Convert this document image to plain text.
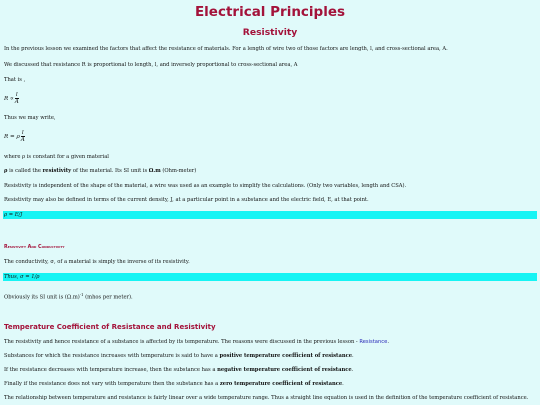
Electrical Principles
Resistivity
In the previous lesson we examined the factors that affect the resistance of materials. For a length of wire two of those factors are length, l, and cross-sectional area, A.
We discussed that resistance R is proportional to length, l, and inversely proportional to cross-sectional area, A
That is ,
$R \propto \frac{l}{A}$
Thus we may write,
R = ρ $\frac{l}{A}$
where ρ is constant for a given material
ρ is called the resistivity of the material. Its SI unit is Ω.m (Ohm-meter)
Resistivity is independent of the shape of the material, a wire was used as an example to simplify the calculations. (Only two variables, length and CSA).
Resistivity may also be defined in terms of the current density, J, at a particular point in a substance and the electric field, E, at that point.
ρ = E/J
Resistivity And Conductivity
The conductivity, σ, of a material is simply the inverse of its resistivity.
Thus, σ = 1/ρ
Obviously its SI unit is $(\Omega.m)^{-1}$ (mhos per meter).
Temperature Coefficient of Resistance and Resistivity
The resistivity and hence resistance of a substance is affected by its temperature. The reasons were discussed in the previous lesson - Resistance.
Substances for which the resistance increases with temperature is said to have a positive temperature coefficient of resistance.
If the resistance decreases with temperature increase, then the substance has a negative temperature coefficient of resistance.
Finally if the resistance does not vary with temperature then the substance has a zero temperature coefficient of resistance.
The relationship between temperature and resistance is fairly linear over a wide temperature range. Thus a straight line equation is used in the definition of the temperature coefficient of resistance.
